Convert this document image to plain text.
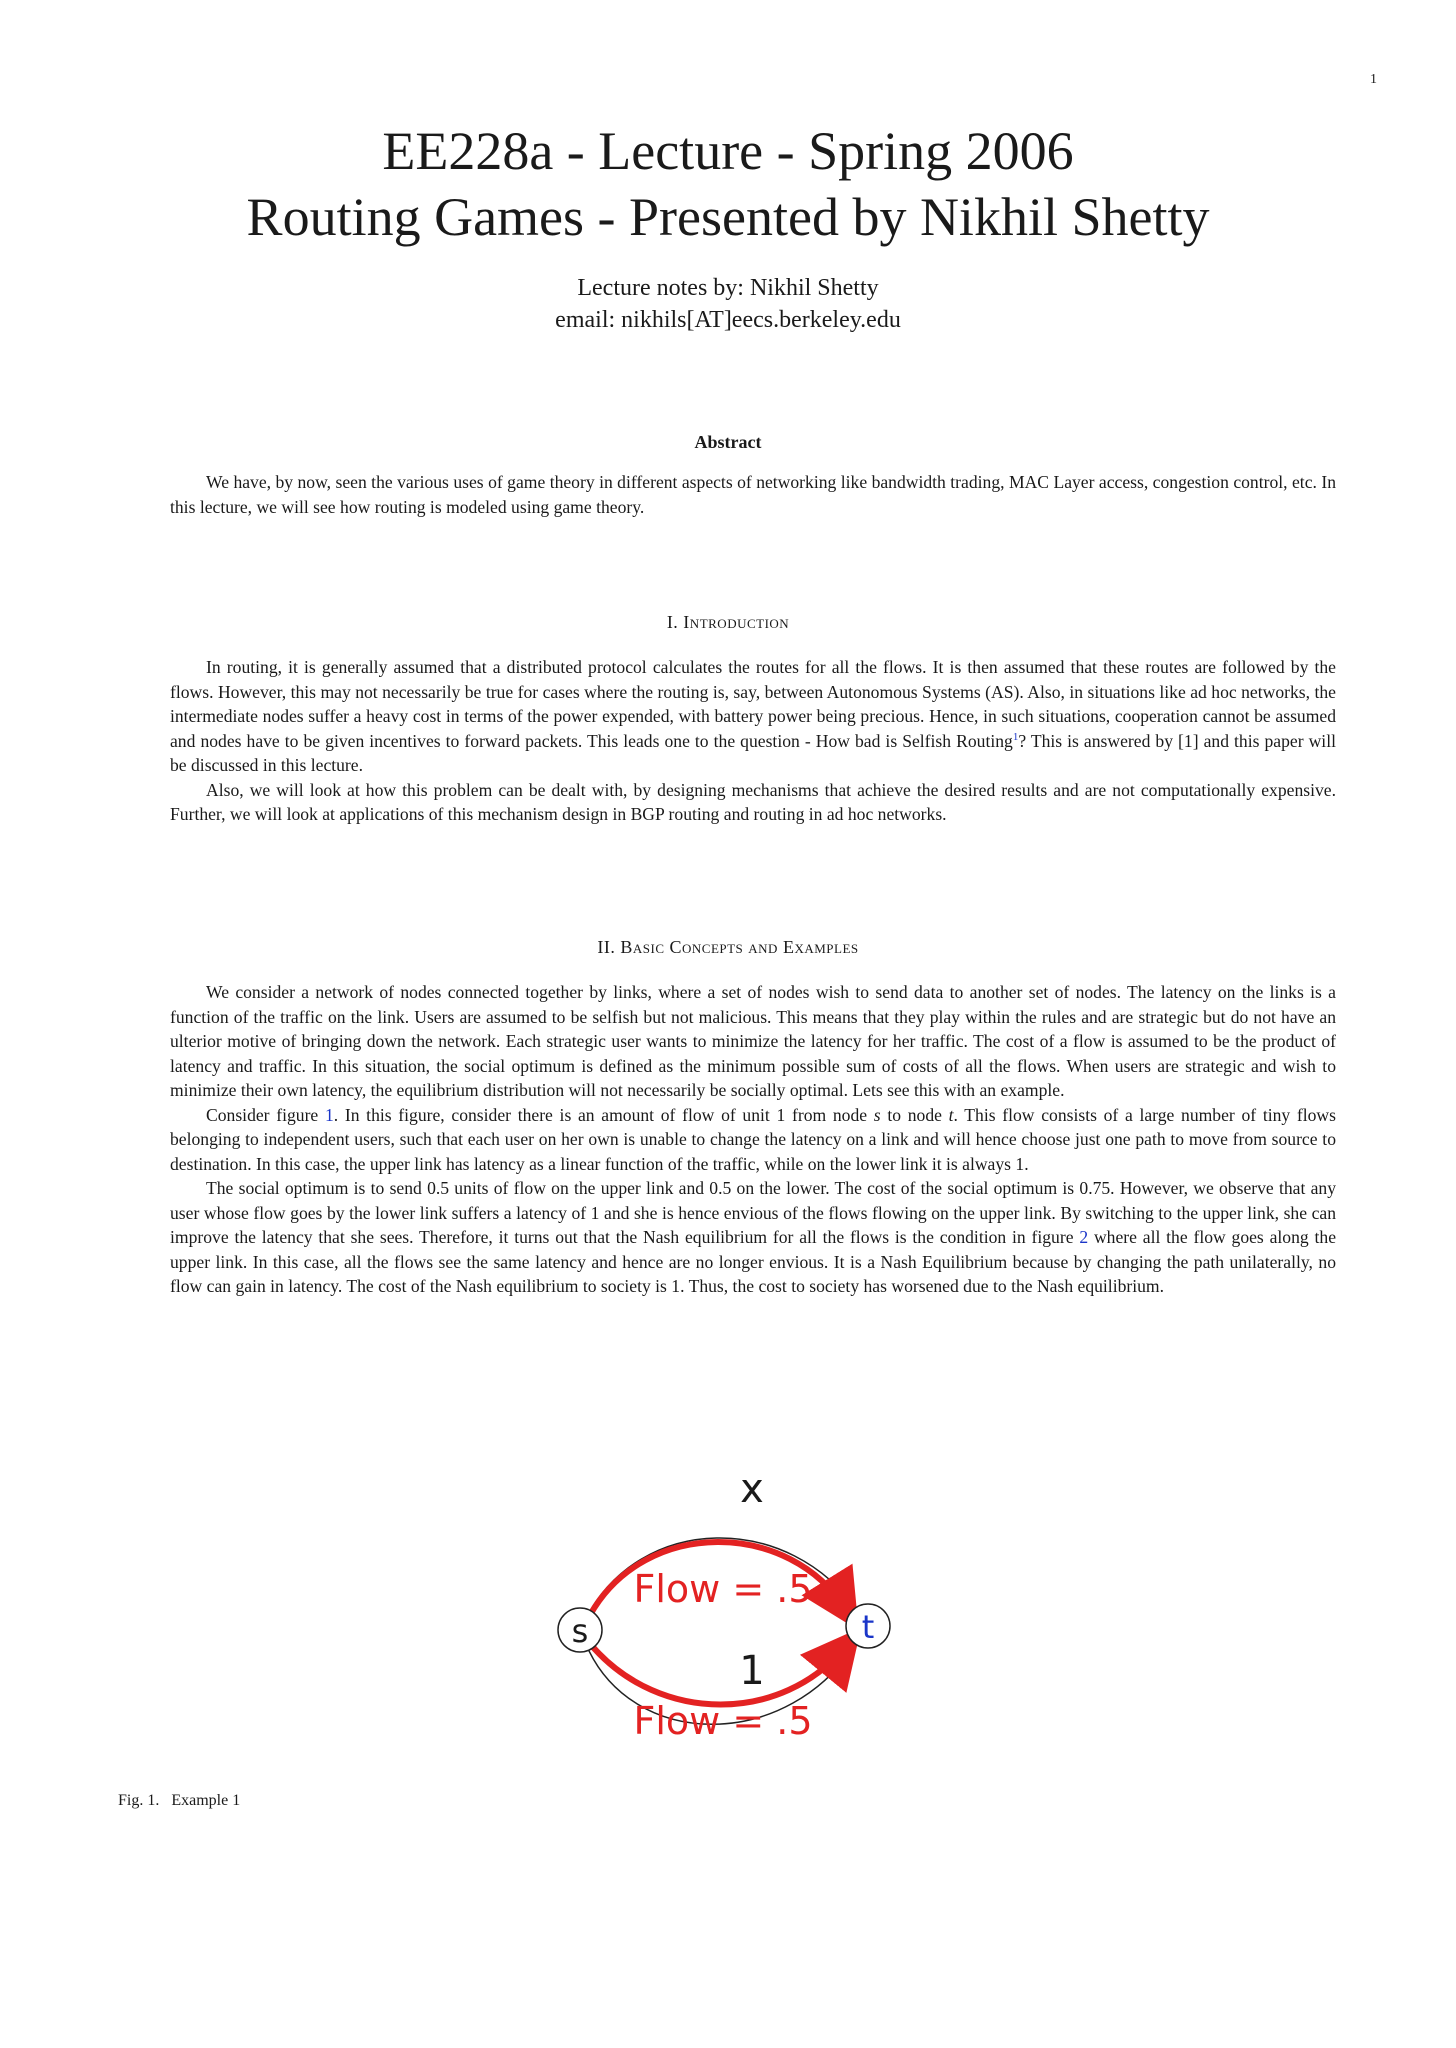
1
EE228a - Lecture - Spring 2006
Routing Games - Presented by Nikhil Shetty
Lecture notes by: Nikhil Shetty
email: nikhils[AT]eecs.berkeley.edu
Abstract

We have, by now, seen the various uses of game theory in different aspects of networking like bandwidth trading, MAC Layer access, congestion control, etc. In this lecture, we will see how routing is modeled using game theory.

I. Introduction

In routing, it is generally assumed that a distributed protocol calculates the routes for all the flows. It is then assumed that these routes are followed by the flows. However, this may not necessarily be true for cases where the routing is, say, between Autonomous Systems (AS). Also, in situations like ad hoc networks, the intermediate nodes suffer a heavy cost in terms of the power expended, with battery power being precious. Hence, in such situations, cooperation cannot be assumed and nodes have to be given incentives to forward packets. This leads one to the question - How bad is Selfish Routing$^1$? This is answered by [1] and this paper will be discussed in this lecture.

Also, we will look at how this problem can be dealt with, by designing mechanisms that achieve the desired results and are not computationally expensive. Further, we will look at applications of this mechanism design in BGP routing and routing in ad hoc networks.

II. Basic Concepts and Examples

We consider a network of nodes connected together by links, where a set of nodes wish to send data to another set of nodes. The latency on the links is a function of the traffic on the link. Users are assumed to be selfish but not malicious. This means that they play within the rules and are strategic but do not have an ulterior motive of bringing down the network. Each strategic user wants to minimize the latency for her traffic. The cost of a flow is assumed to be the product of latency and traffic. In this situation, the social optimum is defined as the minimum possible sum of costs of all the flows. When users are strategic and wish to minimize their own latency, the equilibrium distribution will not necessarily be socially optimal. Lets see this with an example.

Consider figure 1. In this figure, consider there is an amount of flow of unit 1 from node s to node t. This flow consists of a large number of tiny flows belonging to independent users, such that each user on her own is unable to change the latency on a link and will hence choose just one path to move from source to destination. In this case, the upper link has latency as a linear function of the traffic, while on the lower link it is always 1.

The social optimum is to send 0.5 units of flow on the upper link and 0.5 on the lower. The cost of the social optimum is 0.75. However, we observe that any user whose flow goes by the lower link suffers a latency of 1 and she is hence envious of the flows flowing on the upper link. By switching to the upper link, she can improve the latency that she sees. Therefore, it turns out that the Nash equilibrium for all the flows is the condition in figure 2 where all the flow goes along the upper link. In this case, all the flows see the same latency and hence are no longer envious. It is a Nash Equilibrium because by changing the path unilaterally, no flow can gain in latency. The cost of the Nash equilibrium to society is 1. Thus, the cost to society has worsened due to the Nash equilibrium.

s	t
x
Flow = .5
1
Flow = .5
Fig. 1.   Example 1
